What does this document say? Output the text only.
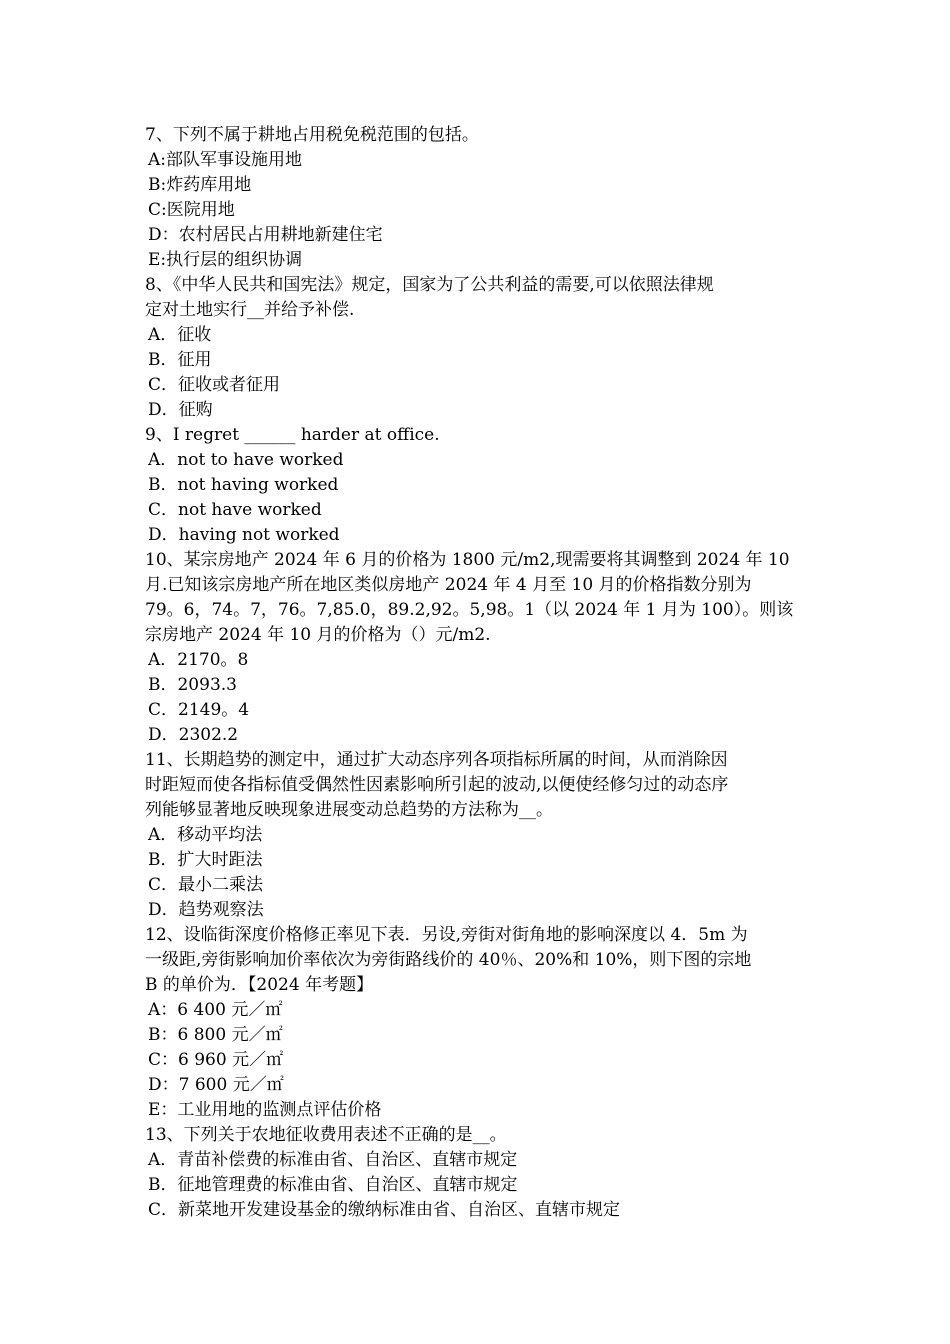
7、下列不属于耕地占用税免税范围的包括。
A:部队军事设施用地
B:炸药库用地
C:医院用地
D：农村居民占用耕地新建住宅
E:执行层的组织协调
8、《中华人民共和国宪法》规定，国家为了公共利益的需要,可以依照法律规
定对土地实行__并给予补偿.
A．征收
B．征用
C．征收或者征用
D．征购
9、I regret ______ harder at office.
A．not to have worked
B．not having worked
C．not have worked
D．having not worked
10、某宗房地产 2024 年 6 月的价格为 1800 元/m2,现需要将其调整到 2024 年 10
月.已知该宗房地产所在地区类似房地产 2024 年 4 月至 10 月的价格指数分别为
79。6，74。7，76。7,85.0，89.2,92。5,98。1（以 2024 年 1 月为 100）。则该
宗房地产 2024 年 10 月的价格为（）元/m2.
A．2170。8
B．2093.3
C．2149。4
D．2302.2
11、长期趋势的测定中，通过扩大动态序列各项指标所属的时间，从而消除因
时距短而使各指标值受偶然性因素影响所引起的波动,以便使经修匀过的动态序
列能够显著地反映现象进展变动总趋势的方法称为__。
A．移动平均法
B．扩大时距法
C．最小二乘法
D．趋势观察法
12、设临街深度价格修正率见下表．另设,旁街对街角地的影响深度以 4．5m 为
一级距,旁街影响加价率依次为旁街路线价的 40％、20%和 10%，则下图的宗地
B 的单价为．【2024 年考题】
A：6 400 元／㎡
B：6 800 元／㎡
C：6 960 元／㎡
D：7 600 元／㎡
E：工业用地的监测点评估价格
13、下列关于农地征收费用表述不正确的是__。
A．青苗补偿费的标准由省、自治区、直辖市规定
B．征地管理费的标准由省、自治区、直辖市规定
C．新菜地开发建设基金的缴纳标准由省、自治区、直辖市规定
